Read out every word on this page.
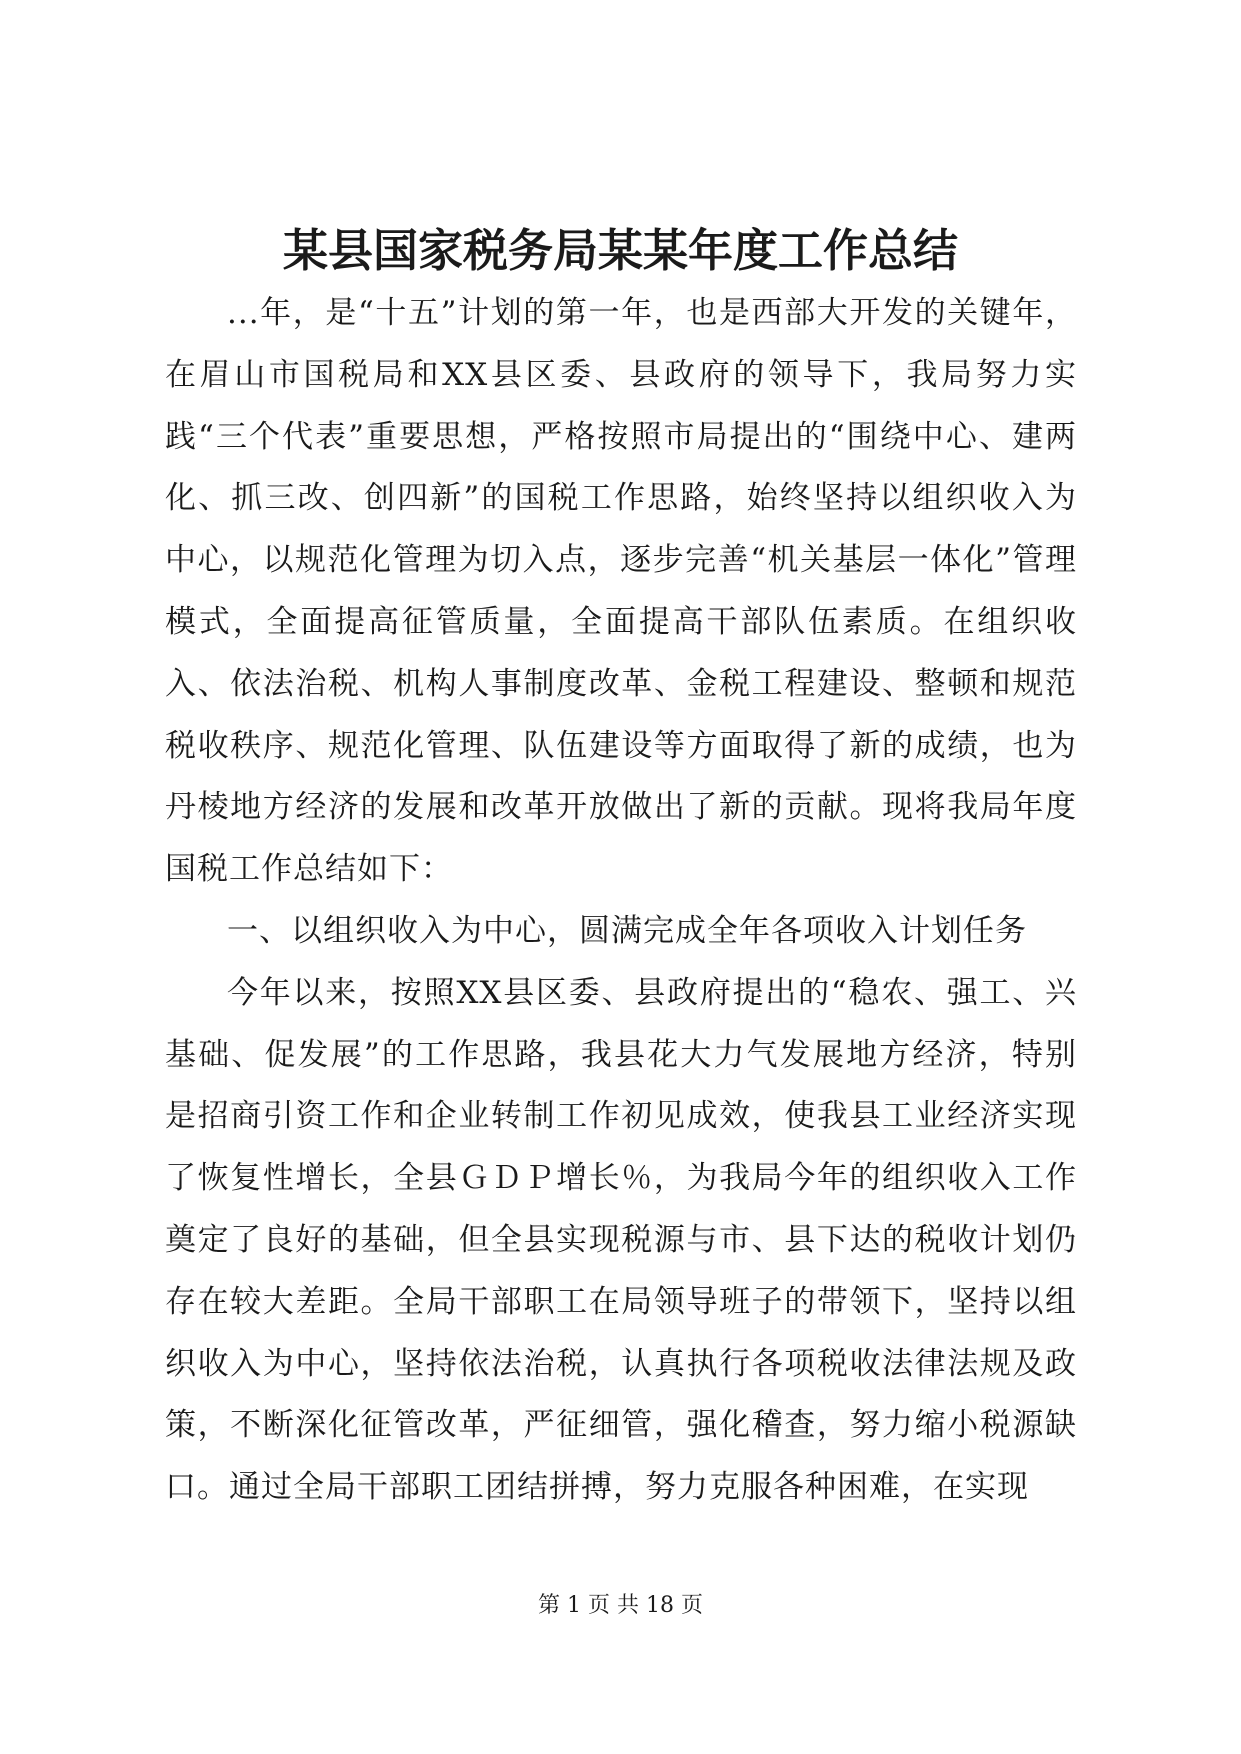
某县国家税务局某某年度工作总结

...年，是“十五”计划的第一年，也是西部大开发的关键年，在眉山市国税局和XX县区委、县政府的领导下，我局努力实践“三个代表”重要思想，严格按照市局提出的“围绕中心、建两化、抓三改、创四新”的国税工作思路，始终坚持以组织收入为中心，以规范化管理为切入点，逐步完善“机关基层一体化”管理模式，全面提高征管质量，全面提高干部队伍素质。在组织收入、依法治税、机构人事制度改革、金税工程建设、整顿和规范税收秩序、规范化管理、队伍建设等方面取得了新的成绩，也为丹棱地方经济的发展和改革开放做出了新的贡献。现将我局年度国税工作总结如下：

一、以组织收入为中心，圆满完成全年各项收入计划任务

今年以来，按照XX县区委、县政府提出的“稳农、强工、兴基础、促发展”的工作思路，我县花大力气发展地方经济，特别是招商引资工作和企业转制工作初见成效，使我县工业经济实现了恢复性增长，全县ＧＤＰ增长％，为我局今年的组织收入工作奠定了良好的基础，但全县实现税源与市、县下达的税收计划仍存在较大差距。全局干部职工在局领导班子的带领下，坚持以组织收入为中心，坚持依法治税，认真执行各项税收法律法规及政策，不断深化征管改革，严征细管，强化稽查，努力缩小税源缺口。通过全局干部职工团结拼搏，努力克服各种困难，在实现

第 1 页 共 18 页
